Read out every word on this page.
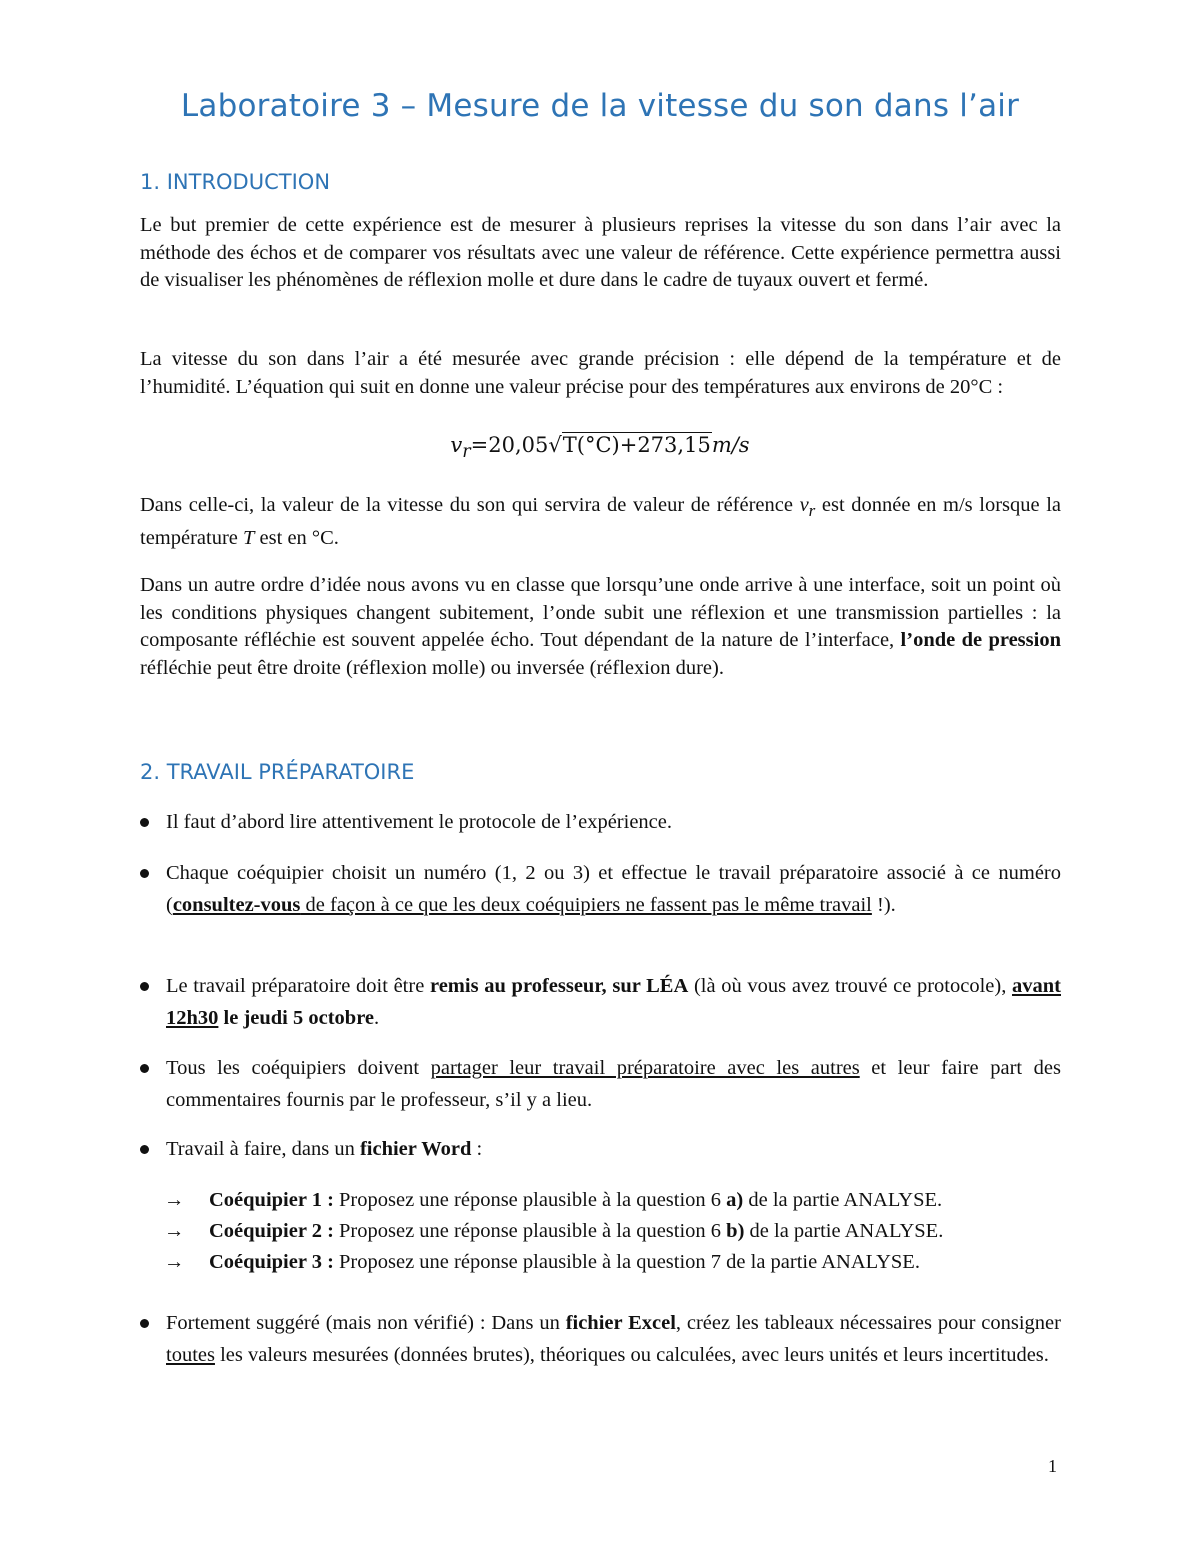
Laboratoire 3 – Mesure de la vitesse du son dans l’air
1. INTRODUCTION

Le but premier de cette expérience est de mesurer à plusieurs reprises la vitesse du son dans l’air avec la méthode des échos et de comparer vos résultats avec une valeur de référence. Cette expérience permettra aussi de visualiser les phénomènes de réflexion molle et dure dans le cadre de tuyaux ouvert et fermé.

La vitesse du son dans l’air a été mesurée avec grande précision : elle dépend de la température et de l’humidité. L’équation qui suit en donne une valeur précise pour des températures aux environs de 20°C :

$v_r=20,05√T(^\circ C)+273,15m/s$

Dans celle-ci, la valeur de la vitesse du son qui servira de valeur de référence $v_r$ est donnée en m/s lorsque la température T est en °C.

Dans un autre ordre d’idée nous avons vu en classe que lorsqu’une onde arrive à une interface, soit un point où les conditions physiques changent subitement, l’onde subit une réflexion et une transmission partielles : la composante réfléchie est souvent appelée écho. Tout dépendant de la nature de l’interface, l’onde de pression réfléchie peut être droite (réflexion molle) ou inversée (réflexion dure).

2. TRAVAIL PRÉPARATOIRE
Il faut d’abord lire attentivement le protocole de l’expérience.
Chaque coéquipier choisit un numéro (1, 2 ou 3) et effectue le travail préparatoire associé à ce numéro (consultez-vous de façon à ce que les deux coéquipiers ne fassent pas le même travail !).
Le travail préparatoire doit être remis au professeur, sur LÉA (là où vous avez trouvé ce protocole), avant 12h30 le jeudi 5 octobre.
Tous les coéquipiers doivent partager leur travail préparatoire avec les autres et leur faire part des commentaires fournis par le professeur, s’il y a lieu.
Travail à faire, dans un fichier Word :
Fortement suggéré (mais non vérifié) : Dans un fichier Excel, créez les tableaux nécessaires pour consigner toutes les valeurs mesurées (données brutes), théoriques ou calculées, avec leurs unités et leurs incertitudes.
→ Coéquipier 1 : Proposez une réponse plausible à la question 6 a) de la partie ANALYSE.
→ Coéquipier 2 : Proposez une réponse plausible à la question 6 b) de la partie ANALYSE.
→ Coéquipier 3 : Proposez une réponse plausible à la question 7 de la partie ANALYSE.
1
